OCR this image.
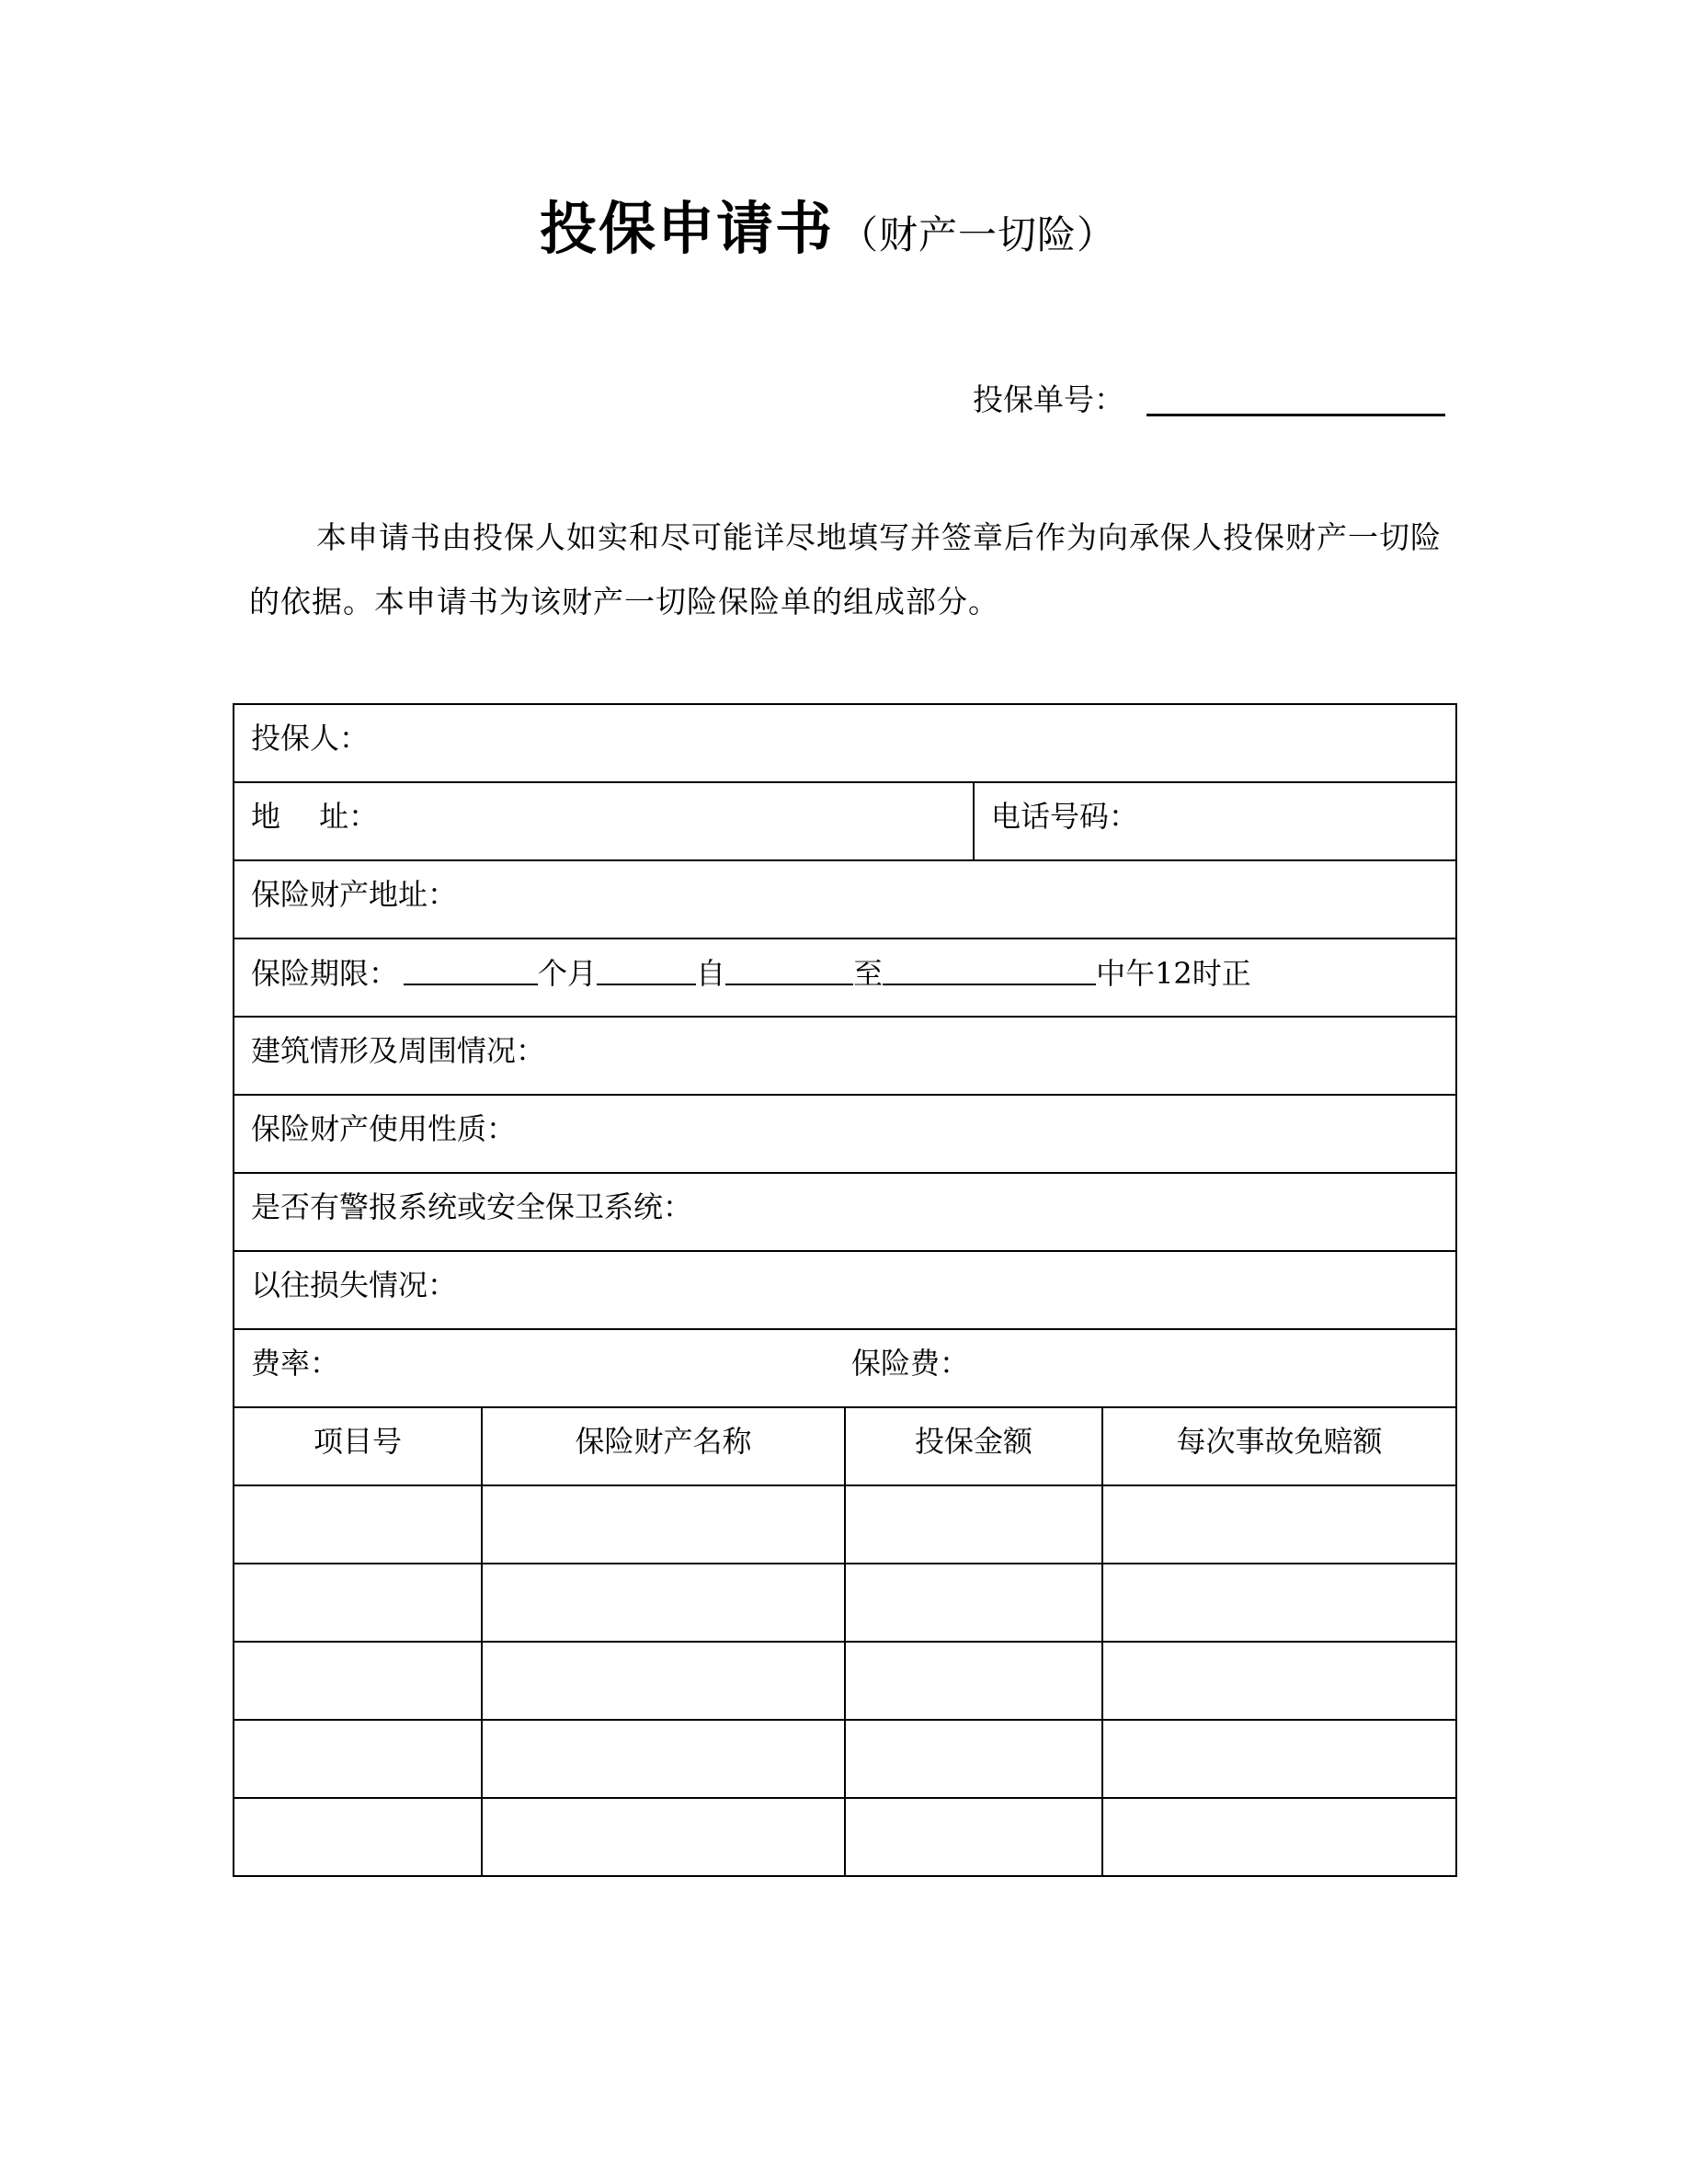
投保申请书 （财产一切险）
投保单号：
本申请书由投保人如实和尽可能详尽地填写并签章后作为向承保人投保财产一切险的依据。本申请书为该财产一切险保险单的组成部分。
投保人：				
地　 址：			电话号码：	
保险财产地址：				
保险期限： 个月 自 至 中午12时正				
建筑情形及周围情况：				
保险财产使用性质：				
是否有警报系统或安全保卫系统：				
以往损失情况：				
费率： 保险费：				

项目号	保险财产名称	投保金额		每次事故免赔额
